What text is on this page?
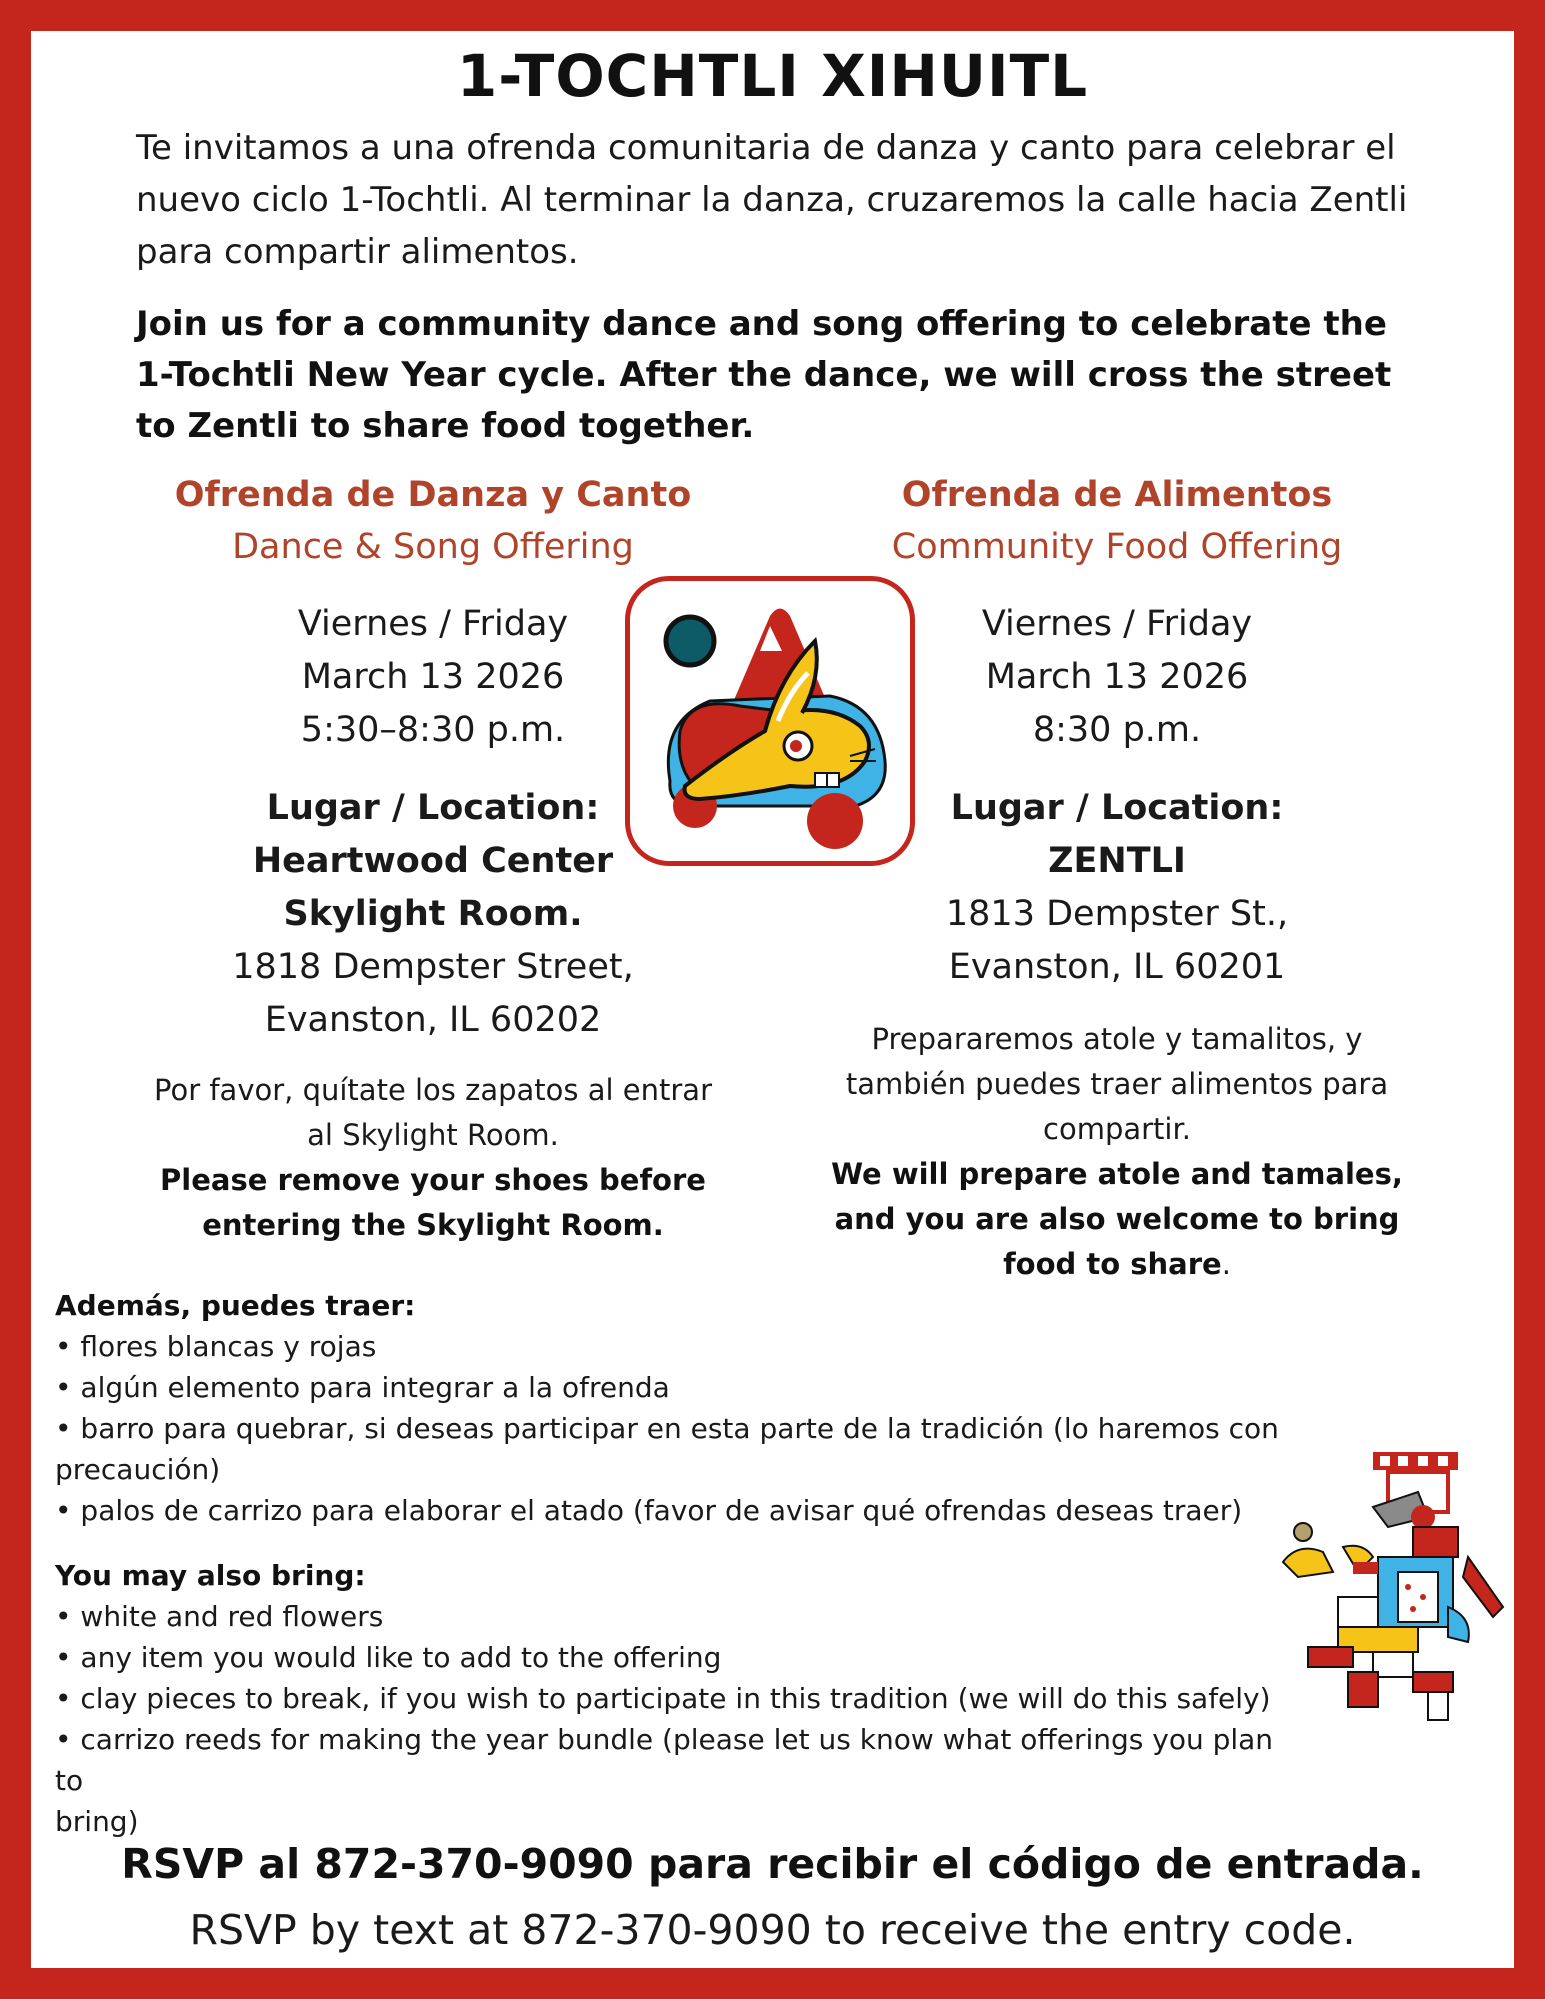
1-TOCHTLI XIHUITL
Te invitamos a una ofrenda comunitaria de danza y canto para celebrar el nuevo ciclo 1-Tochtli. Al terminar la danza, cruzaremos la calle hacia Zentli para compartir alimentos.
Join us for a community dance and song offering to celebrate the 1-Tochtli New Year cycle. After the dance, we will cross the street to Zentli to share food together.
Ofrenda de Danza y Canto
Dance & Song Offering
Viernes / Friday
March 13 2026
5:30–8:30 p.m.
Lugar / Location:
Heartwood Center
Skylight Room.
1818 Dempster Street,
Evanston, IL 60202
Por favor, quítate los zapatos al entrar
al Skylight Room.
Please remove your shoes before
entering the Skylight Room.
Ofrenda de Alimentos
Community Food Offering
Viernes / Friday
March 13 2026
8:30 p.m.
Lugar / Location:
ZENTLI
1813 Dempster St.,
Evanston, IL 60201
Prepararemos atole y tamalitos, y
también puedes traer alimentos para
compartir.
We will prepare atole and tamales,
and you are also welcome to bring
food to share.
Además, puedes traer:
• flores blancas y rojas
• algún elemento para integrar a la ofrenda
• barro para quebrar, si deseas participar en esta parte de la tradición (lo haremos con
precaución)
• palos de carrizo para elaborar el atado (favor de avisar qué ofrendas deseas traer)
You may also bring:
• white and red flowers
• any item you would like to add to the offering
• clay pieces to break, if you wish to participate in this tradition (we will do this safely)
• carrizo reeds for making the year bundle (please let us know what offerings you plan to
bring)
RSVP al 872-370-9090 para recibir el código de entrada.
RSVP by text at 872-370-9090 to receive the entry code.
